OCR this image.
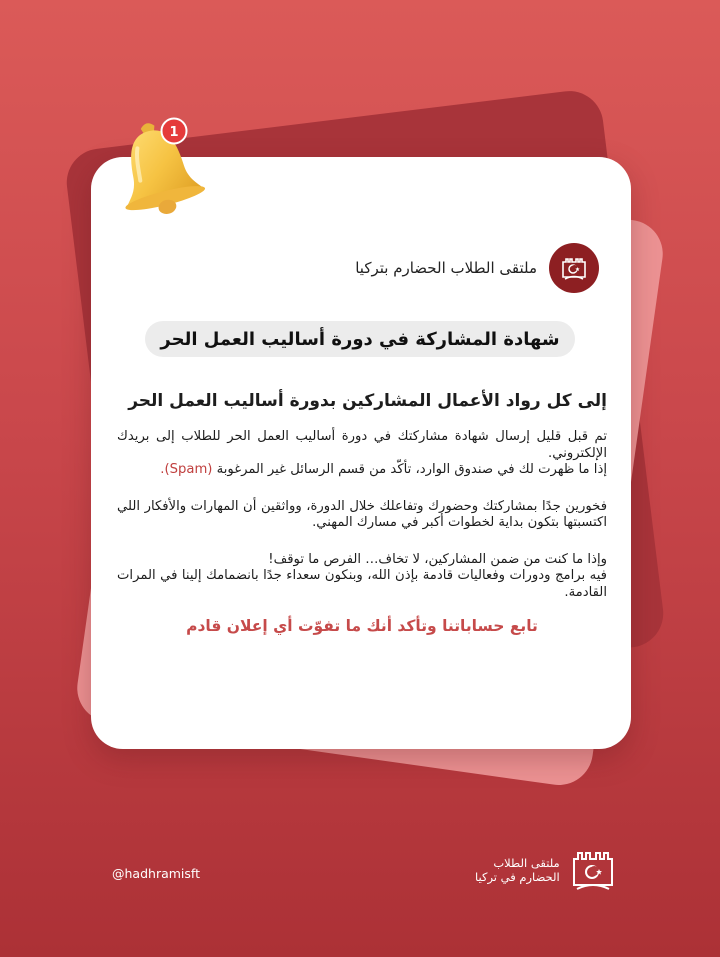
ملتقى الطلاب الحضارم بتركيا
شهادة المشاركة في دورة أساليب العمل الحر
إلى كل رواد الأعمال المشاركين بدورة أساليب العمل الحر

تم قبل قليل إرسال شهادة مشاركتك في دورة أساليب العمل الحر للطلاب إلى بريدك الإلكتروني.

إذا ما ظهرت لك في صندوق الوارد، تأكّد من قسم الرسائل غير المرغوبة (Spam).

فخورين جدًا بمشاركتك وحضورك وتفاعلك خلال الدورة، وواثقين أن المهارات والأفكار اللي اكتسبتها بتكون بداية لخطوات أكبر في مسارك المهني.

وإذا ما كنت من ضمن المشاركين، لا تخاف… الفرص ما توقف!

فيه برامج ودورات وفعاليات قادمة بإذن الله، وبنكون سعداء جدًا بانضمامك إلينا في المرات القادمة.

تابع حساباتنا وتأكد أنك ما تفوّت أي إعلان قادم
1
@hadhramisft
ملتقى الطلاب
الحضارم في تركيا
